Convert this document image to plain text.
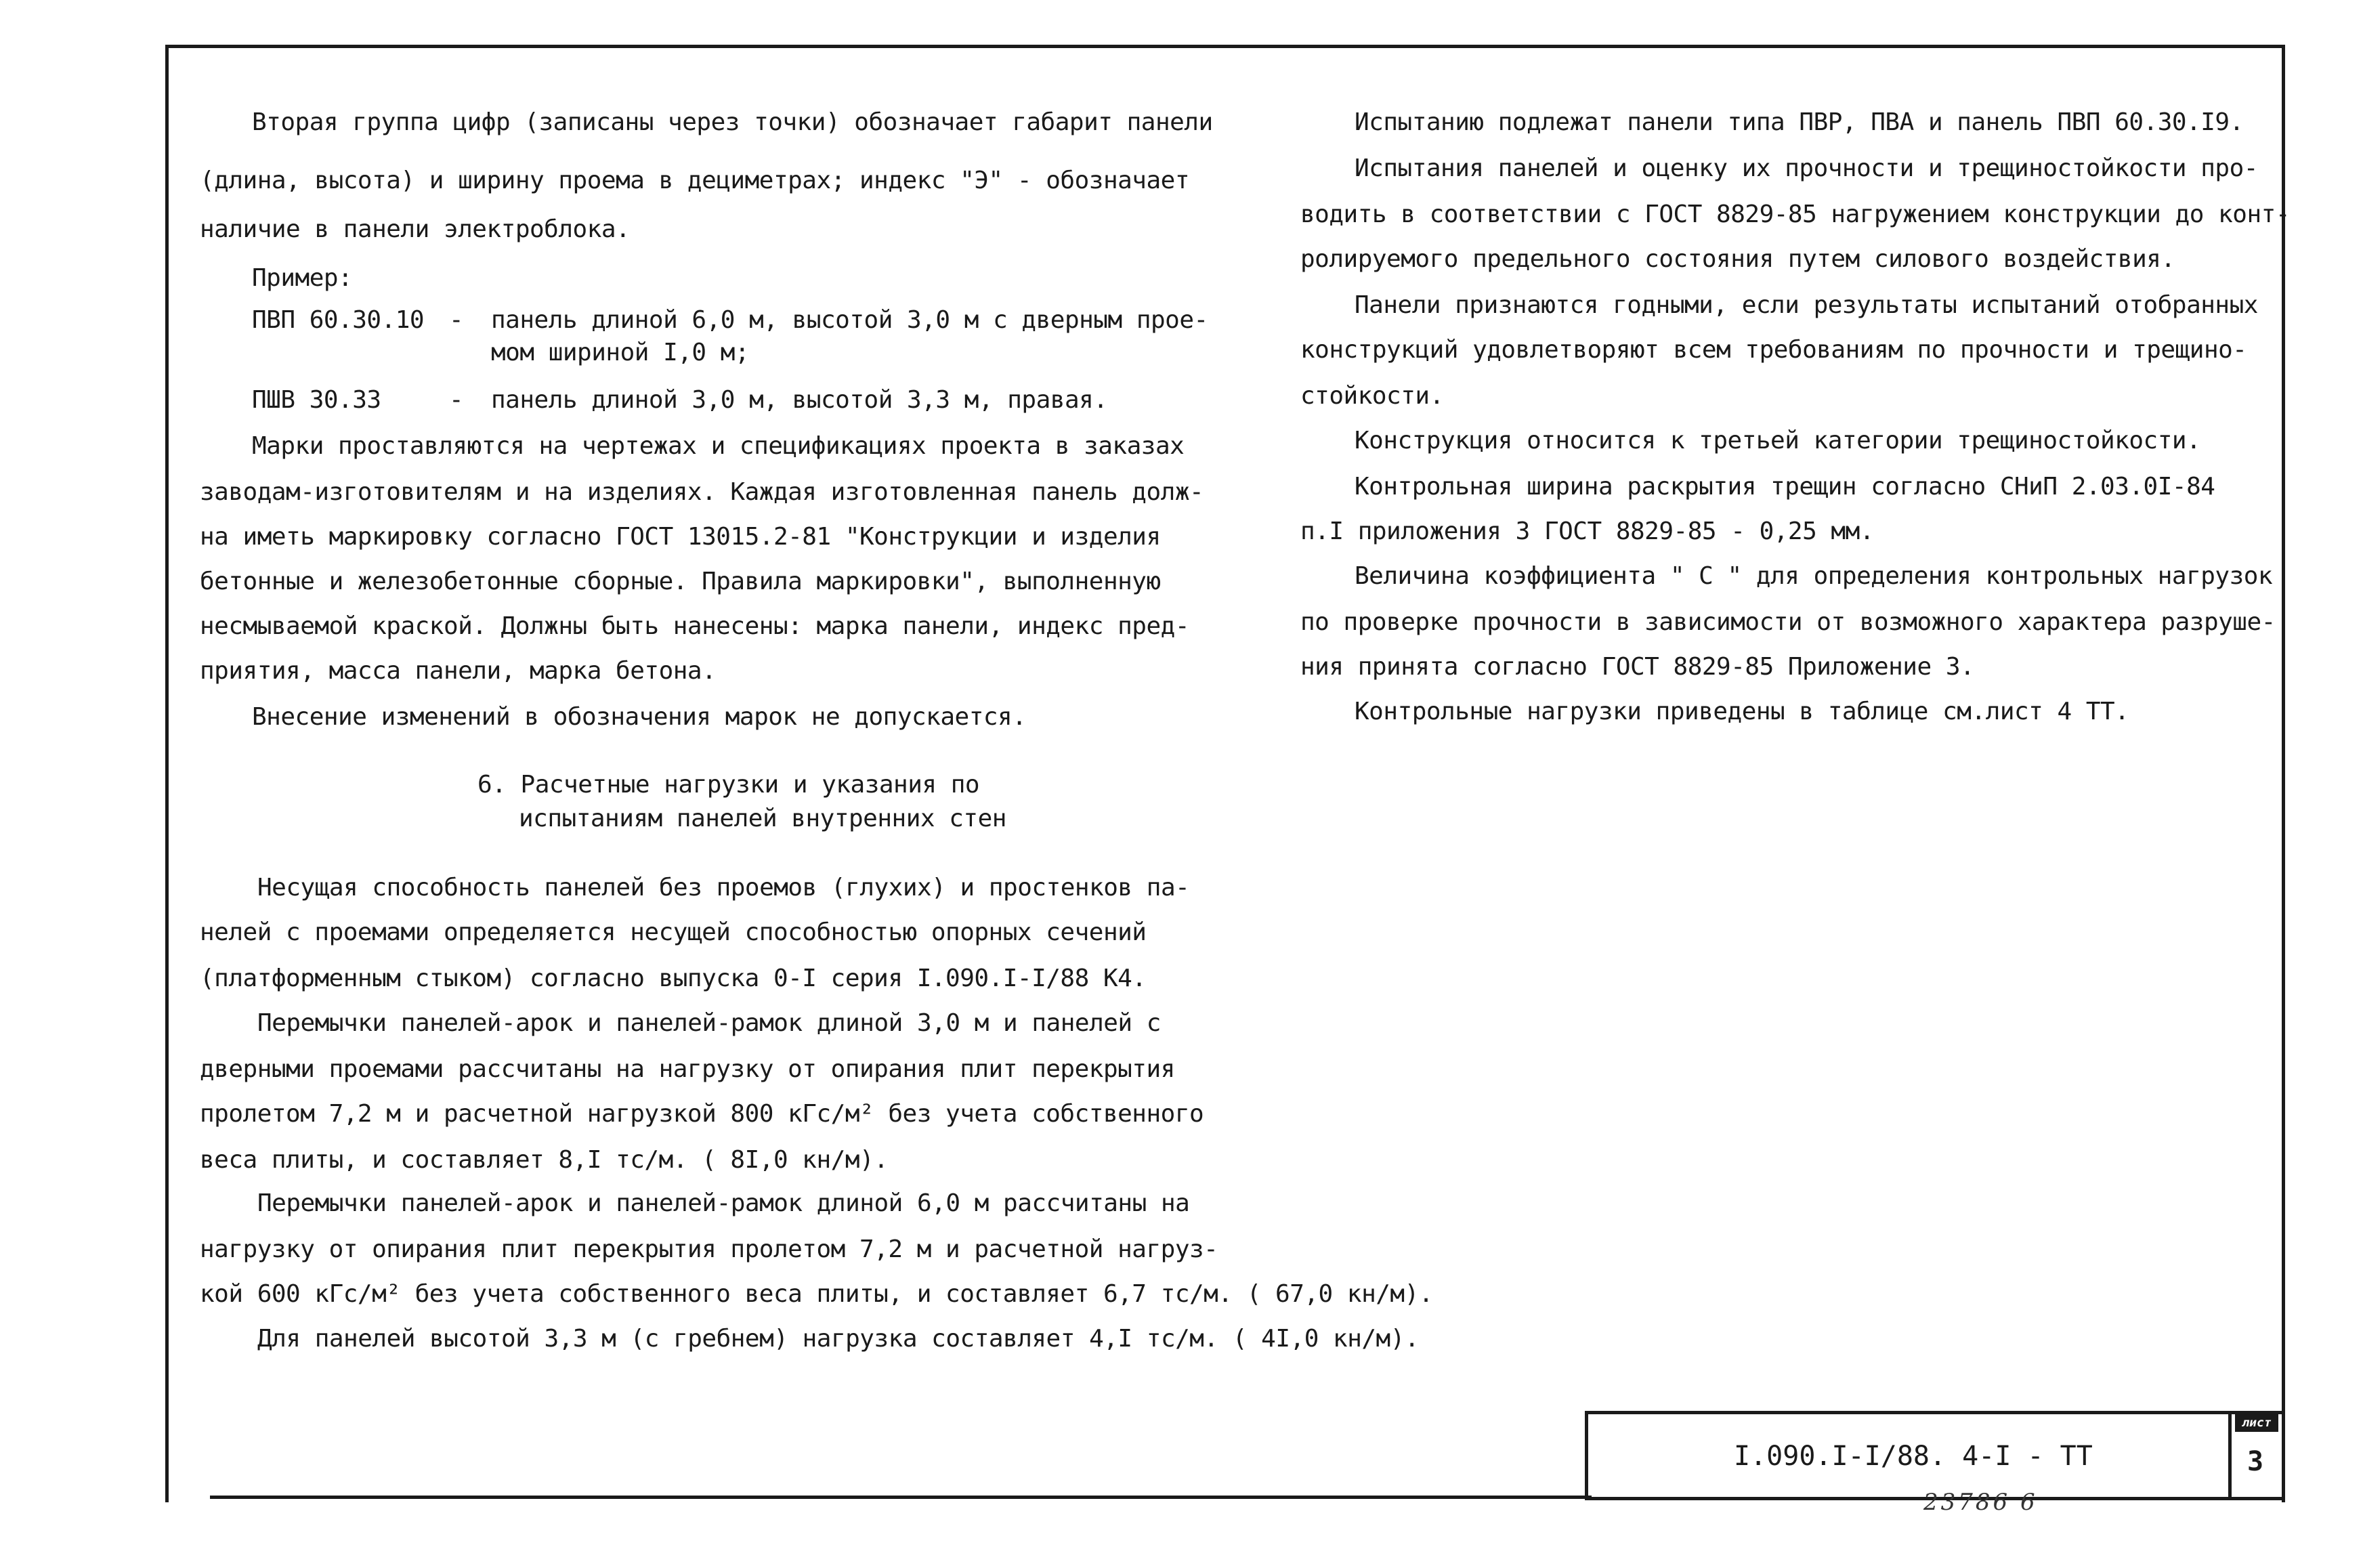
Вторая группа цифр (записаны через точки) обозначает габарит панели
(длина, высота) и ширину проема в дециметрах; индекс "Э" - обозначает
наличие в панели электроблока.
Пример:
ПВП 60.30.10 - панель длиной 6,0 м, высотой 3,0 м с дверным прое-
мом шириной I,0 м;
ПШВ 30.33	- панель длиной 3,0 м, высотой 3,3 м, правая.
Марки проставляются на чертежах и спецификациях проекта в заказах
заводам-изготовителям и на изделиях. Каждая изготовленная панель долж-
на иметь маркировку согласно ГОСТ 13015.2-81 "Конструкции и изделия
бетонные и железобетонные сборные. Правила маркировки", выполненную
несмываемой краской. Должны быть нанесены: марка панели, индекс пред-
приятия, масса панели, марка бетона.
Внесение изменений в обозначения марок не допускается.
6. Расчетные нагрузки и указания по
испытаниям панелей внутренних стен
Несущая способность панелей без проемов (глухих) и простенков па-
нелей с проемами определяется несущей способностью опорных сечений
(платформенным стыком) согласно выпуска 0-I серия I.090.I-I/88 К4.
Перемычки панелей-арок и панелей-рамок длиной 3,0 м и панелей с
дверными проемами рассчитаны на нагрузку от опирания плит перекрытия
пролетом 7,2 м и расчетной нагрузкой 800 кГс/м² без учета собственного
веса плиты, и составляет 8,I тс/м. ( 8I,0 кн/м).
Перемычки панелей-арок и панелей-рамок длиной 6,0 м рассчитаны на
нагрузку от опирания плит перекрытия пролетом 7,2 м и расчетной нагруз-
кой 600 кГс/м² без учета собственного веса плиты, и составляет 6,7 тс/м. ( 67,0 кн/м).
Для панелей высотой 3,3 м (с гребнем) нагрузка составляет 4,I тс/м. ( 4I,0 кн/м).
Испытанию подлежат панели типа ПВР, ПВА и панель ПВП 60.30.I9.
Испытания панелей и оценку их прочности и трещиностойкости про-
водить в соответствии с ГОСТ 8829-85 нагружением конструкции до конт-
ролируемого предельного состояния путем силового воздействия.
Панели признаются годными, если результаты испытаний отобранных
конструкций удовлетворяют всем требованиям по прочности и трещино-
стойкости.
Конструкция относится к третьей категории трещиностойкости.
Контрольная ширина раскрытия трещин согласно СНиП 2.03.0I-84
п.I приложения 3 ГОСТ 8829-85 - 0,25 мм.
Величина коэффициента " С " для определения контрольных нагрузок
по проверке прочности в зависимости от возможного характера разруше-
ния принята согласно ГОСТ 8829-85 Приложение 3.
Контрольные нагрузки приведены в таблице см.лист 4 ТТ.
I.090.I-I/88. 4-I - ТТ
лист
3
23786 6
